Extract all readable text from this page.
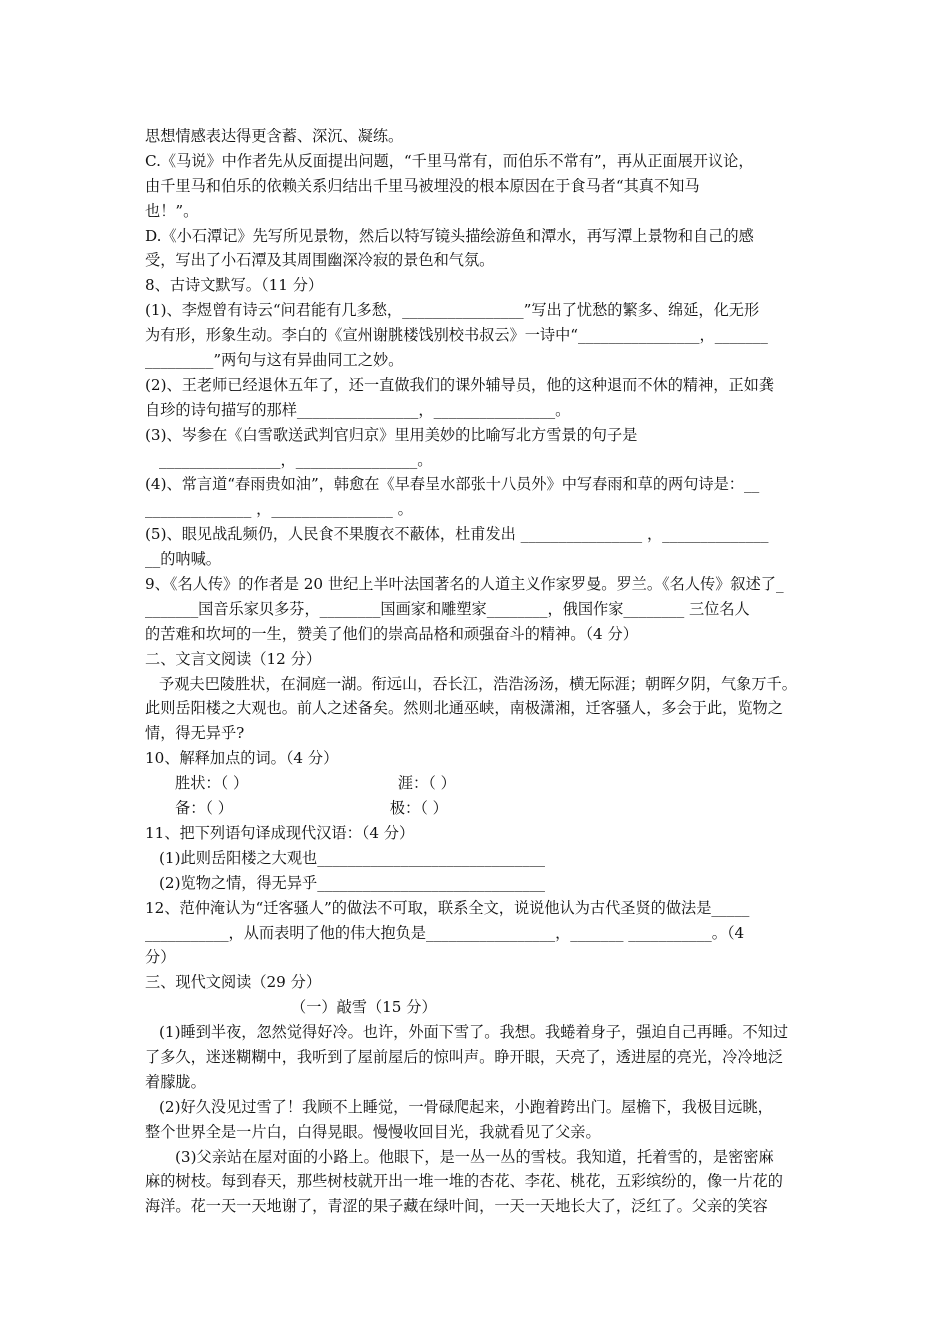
思想情感表达得更含蓄、深沉、凝练。
C.《马说》中作者先从反面提出问题，“千里马常有，而伯乐不常有”，再从正面展开议论，
由千里马和伯乐的依赖关系归结出千里马被埋没的根本原因在于食马者“其真不知马
也！”。
D.《小石潭记》先写所见景物，然后以特写镜头描绘游鱼和潭水，再写潭上景物和自己的感
受，写出了小石潭及其周围幽深冷寂的景色和气氛。
8、古诗文默写。（11 分）
(1)、李煜曾有诗云“问君能有几多愁，________________”写出了忧愁的繁多、绵延，化无形
为有形，形象生动。李白的《宣州谢朓楼饯别校书叔云》一诗中“________________，_______
_________”两句与这有异曲同工之妙。
(2)、王老师已经退休五年了，还一直做我们的课外辅导员，他的这种退而不休的精神，正如龚
自珍的诗句描写的那样________________，________________。
(3)、岑参在《白雪歌送武判官归京》里用美妙的比喻写北方雪景的句子是
________________，________________。
(4)、常言道“春雨贵如油”，韩愈在《早春呈水部张十八员外》中写春雨和草的两句诗是：__
______________ ，________________ 。
(5)、眼见战乱频仍，人民食不果腹衣不蔽体，杜甫发出 ________________ ，______________
__的呐喊。
9、《名人传》的作者是 20 世纪上半叶法国著名的人道主义作家罗曼。罗兰。《名人传》叙述了_
_______国音乐家贝多芬，________国画家和雕塑家________，俄国作家________ 三位名人
的苦难和坎坷的一生，赞美了他们的崇高品格和顽强奋斗的精神。（4 分）
二、文言文阅读（12 分）
予观夫巴陵胜状，在洞庭一湖。衔远山，吞长江，浩浩汤汤，横无际涯；朝晖夕阴，气象万千。
此则岳阳楼之大观也。前人之述备矣。然则北通巫峡，南极潇湘，迁客骚人，多会于此，览物之
情，得无异乎?
10、解释加点的词。（4 分）
胜状：（ ）	涯：（ ）
备：（ ）	极：（ ）
11、把下列语句译成现代汉语：（4 分）
(1)此则岳阳楼之大观也______________________________
(2)览物之情，得无异乎______________________________
12、范仲淹认为“迁客骚人”的做法不可取，联系全文，说说他认为古代圣贤的做法是_____
___________，从而表明了他的伟大抱负是_________________，_______ ___________。（4
分）
三、现代文阅读（29 分）
（一）敲雪（15 分）
(1)睡到半夜，忽然觉得好冷。也许，外面下雪了。我想。我蜷着身子，强迫自己再睡。不知过
了多久，迷迷糊糊中，我听到了屋前屋后的惊叫声。睁开眼，天亮了，透进屋的亮光，冷冷地泛
着朦胧。
(2)好久没见过雪了！我顾不上睡觉，一骨碌爬起来，小跑着跨出门。屋檐下，我极目远眺，
整个世界全是一片白，白得晃眼。慢慢收回目光，我就看见了父亲。
(3)父亲站在屋对面的小路上。他眼下，是一丛一丛的雪枝。我知道，托着雪的，是密密麻
麻的树枝。每到春天，那些树枝就开出一堆一堆的杏花、李花、桃花，五彩缤纷的，像一片花的
海洋。花一天一天地谢了，青涩的果子藏在绿叶间，一天一天地长大了，泛红了。父亲的笑容
